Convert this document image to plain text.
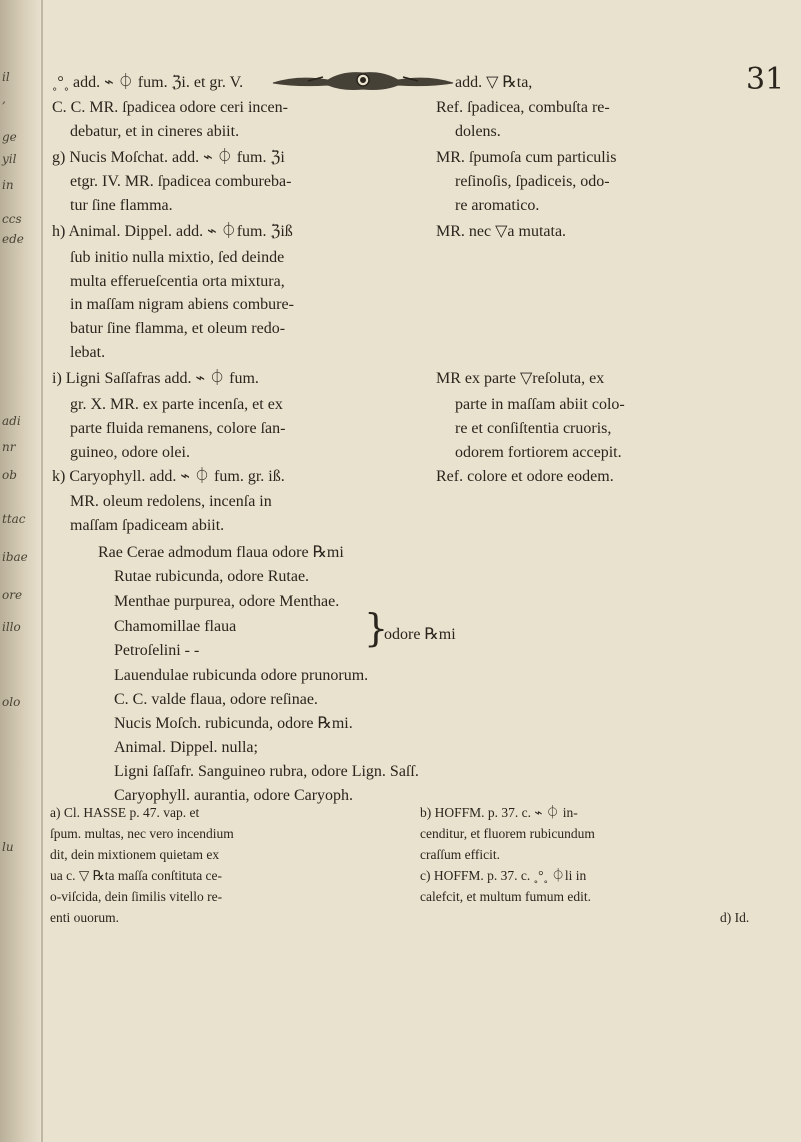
il
,
ge
yil
in
ccs
ede
adi
nr
ob
ttac
ibae
ore
illo
olo
lu
31
˳°˳ add. ⌁ ⏀ fum. ℨi. et gr. V.
C. C. MR. ſpadicea odore ceri incen-
debatur, et in cineres abiit.
g) Nucis Moſchat. add. ⌁ ⏀ fum. ℨi
etgr. IV. MR. ſpadicea combureba-
tur ſine flamma.
h) Animal. Dippel. add. ⌁ ⏀fum. ℨiß
ſub initio nulla mixtio, ſed deinde
multa efferueſcentia orta mixtura,
in maſſam nigram abiens combure-
batur ſine flamma, et oleum redo-
lebat.
i) Ligni Saſſafras add. ⌁ ⏀ fum.
gr. X. MR. ex parte incenſa, et ex
parte fluida remanens, colore ſan-
guineo, odore olei.
k) Caryophyll. add. ⌁ ⏀ fum. gr. iß.
MR. oleum redolens, incenſa in
maſſam ſpadiceam abiit.
add. ▽ ℞ta,
Ref. ſpadicea, combuſta re-
dolens.
MR. ſpumoſa cum particulis
reſinoſis, ſpadiceis, odo-
re aromatico.
MR. nec ▽a mutata.
MR ex parte ▽reſoluta, ex
parte in maſſam abiit colo-
re et conſiſtentia cruoris,
odorem fortiorem accepit.
Ref. colore et odore eodem.
Rae Cerae admodum flaua odore ℞mi
Rutae rubicunda, odore Rutae.
Menthae purpurea, odore Menthae.
Chamomillae flaua
Petroſelini - -
Lauendulae rubicunda odore prunorum.
C. C. valde flaua, odore reſinae.
Nucis Moſch. rubicunda, odore ℞mi.
Animal. Dippel. nulla;
Ligni ſaſſafr. Sanguineo rubra, odore Lign. Saſſ.
Caryophyll. aurantia, odore Caryoph.
}
odore ℞mi
a) Cl. HASSE p. 47. vap. et
ſpum. multas, nec vero incendium
dit, dein mixtionem quietam ex
ua c. ▽ ℞ta maſſa conſtituta ce-
o-viſcida, dein ſimilis vitello re-
enti ouorum.
b) HOFFM. p. 37. c. ⌁ ⏀ in-
cenditur, et fluorem rubicundum
craſſum efficit.
c) HOFFM. p. 37. c. ˳°˳ ⏀li in
calefcit, et multum fumum edit.
d) Id.
